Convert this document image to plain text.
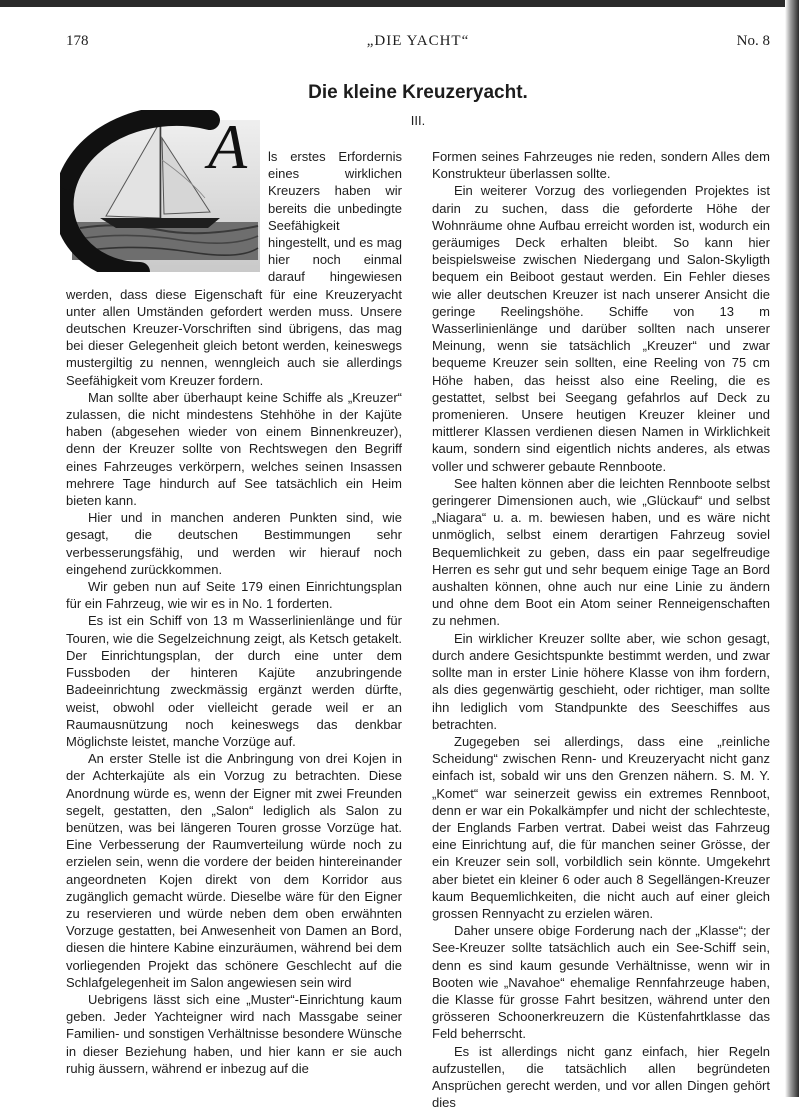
178	„DIE YACHT“	No. 8
Die kleine Kreuzeryacht.
III.
A	ls erstes Erfordernis eines wirklichen Kreuzers haben wir bereits die unbedingte Seefähigkeit hingestellt, und es mag hier noch einmal darauf hingewiesen werden, dass diese Eigenschaft für eine Kreuzeryacht unter allen Umständen gefordert werden muss. Unsere deutschen Kreuzer-Vorschriften sind übrigens, das mag bei dieser Gelegenheit gleich betont werden, keineswegs mustergiltig zu nennen, wenngleich auch sie allerdings Seefähigkeit vom Kreuzer fordern.

Man sollte aber überhaupt keine Schiffe als „Kreuzer“ zulassen, die nicht mindestens Stehhöhe in der Kajüte haben (abgesehen wieder von einem Binnenkreuzer), denn der Kreuzer sollte von Rechtswegen den Begriff eines Fahrzeuges verkörpern, welches seinen Insassen mehrere Tage hindurch auf See tatsächlich ein Heim bieten kann.

Hier und in manchen anderen Punkten sind, wie gesagt, die deutschen Bestimmungen sehr verbesserungsfähig, und werden wir hierauf noch eingehend zurückkommen.

Wir geben nun auf Seite 179 einen Einrichtungsplan für ein Fahrzeug, wie wir es in No. 1 forderten.

Es ist ein Schiff von 13 m Wasserlinienlänge und für Touren, wie die Segelzeichnung zeigt, als Ketsch getakelt. Der Einrichtungsplan, der durch eine unter dem Fussboden der hinteren Kajüte anzubringende Badeeinrichtung zweckmässig ergänzt werden dürfte, weist, obwohl oder vielleicht gerade weil er an Raumausnützung noch keineswegs das denkbar Möglichste leistet, manche Vorzüge auf.

An erster Stelle ist die Anbringung von drei Kojen in der Achterkajüte als ein Vorzug zu betrachten. Diese Anordnung würde es, wenn der Eigner mit zwei Freunden segelt, gestatten, den „Salon“ lediglich als Salon zu benützen, was bei längeren Touren grosse Vorzüge hat. Eine Verbesserung der Raumverteilung würde noch zu erzielen sein, wenn die vordere der beiden hintereinander angeordneten Kojen direkt von dem Korridor aus zugänglich gemacht würde. Dieselbe wäre für den Eigner zu reservieren und würde neben dem oben erwähnten Vorzuge gestatten, bei Anwesenheit von Damen an Bord, diesen die hintere Kabine einzuräumen, während bei dem vorliegenden Projekt das schönere Geschlecht auf die Schlafgelegenheit im Salon angewiesen sein wird

Uebrigens lässt sich eine „Muster“-Einrichtung kaum geben. Jeder Yachteigner wird nach Massgabe seiner Familien- und sonstigen Verhältnisse besondere Wünsche in dieser Beziehung haben, und hier kann er sie auch ruhig äussern, während er inbezug auf die

Formen seines Fahrzeuges nie reden, sondern Alles dem Konstrukteur überlassen sollte.

Ein weiterer Vorzug des vorliegenden Projektes ist darin zu suchen, dass die geforderte Höhe der Wohnräume ohne Aufbau erreicht worden ist, wodurch ein geräumiges Deck erhalten bleibt. So kann hier beispielsweise zwischen Niedergang und Salon-Skyligth bequem ein Beiboot gestaut werden. Ein Fehler dieses wie aller deutschen Kreuzer ist nach unserer Ansicht die geringe Reelingshöhe. Schiffe von 13 m Wasserlinienlänge und darüber sollten nach unserer Meinung, wenn sie tatsächlich „Kreuzer“ und zwar bequeme Kreuzer sein sollten, eine Reeling von 75 cm Höhe haben, das heisst also eine Reeling, die es gestattet, selbst bei Seegang gefahrlos auf Deck zu promenieren. Unsere heutigen Kreuzer kleiner und mittlerer Klassen verdienen diesen Namen in Wirklichkeit kaum, sondern sind eigentlich nichts anderes, als etwas voller und schwerer gebaute Rennboote.

See halten können aber die leichten Rennboote selbst geringerer Dimensionen auch, wie „Glückauf“ und selbst „Niagara“ u. a. m. bewiesen haben, und es wäre nicht unmöglich, selbst einem derartigen Fahrzeug soviel Bequemlichkeit zu geben, dass ein paar segelfreudige Herren es sehr gut und sehr bequem einige Tage an Bord aushalten können, ohne auch nur eine Linie zu ändern und ohne dem Boot ein Atom seiner Renneigenschaften zu nehmen.

Ein wirklicher Kreuzer sollte aber, wie schon gesagt, durch andere Gesichtspunkte bestimmt werden, und zwar sollte man in erster Linie höhere Klasse von ihm fordern, als dies gegenwärtig geschieht, oder richtiger, man sollte ihn lediglich vom Standpunkte des Seeschiffes aus betrachten.

Zugegeben sei allerdings, dass eine „reinliche Scheidung“ zwischen Renn- und Kreuzeryacht nicht ganz einfach ist, sobald wir uns den Grenzen nähern. S. M. Y. „Komet“ war seinerzeit gewiss ein extremes Rennboot, denn er war ein Pokalkämpfer und nicht der schlechteste, der Englands Farben vertrat. Dabei weist das Fahrzeug eine Einrichtung auf, die für manchen seiner Grösse, der ein Kreuzer sein soll, vorbildlich sein könnte. Umgekehrt aber bietet ein kleiner 6 oder auch 8 Segellängen-Kreuzer kaum Bequemlichkeiten, die nicht auch auf einer gleich grossen Rennyacht zu erzielen wären.

Daher unsere obige Forderung nach der „Klasse“; der See-Kreuzer sollte tatsächlich auch ein See-Schiff sein, denn es sind kaum gesunde Verhältnisse, wenn wir in Booten wie „Navahoe“ ehemalige Rennfahrzeuge haben, die Klasse für grosse Fahrt besitzen, während unter den grösseren Schoonerkreuzern die Küstenfahrtklasse das Feld beherrscht.

Es ist allerdings nicht ganz einfach, hier Regeln aufzustellen, die tatsächlich allen begründeten Ansprüchen gerecht werden, und vor allen Dingen gehört dies
